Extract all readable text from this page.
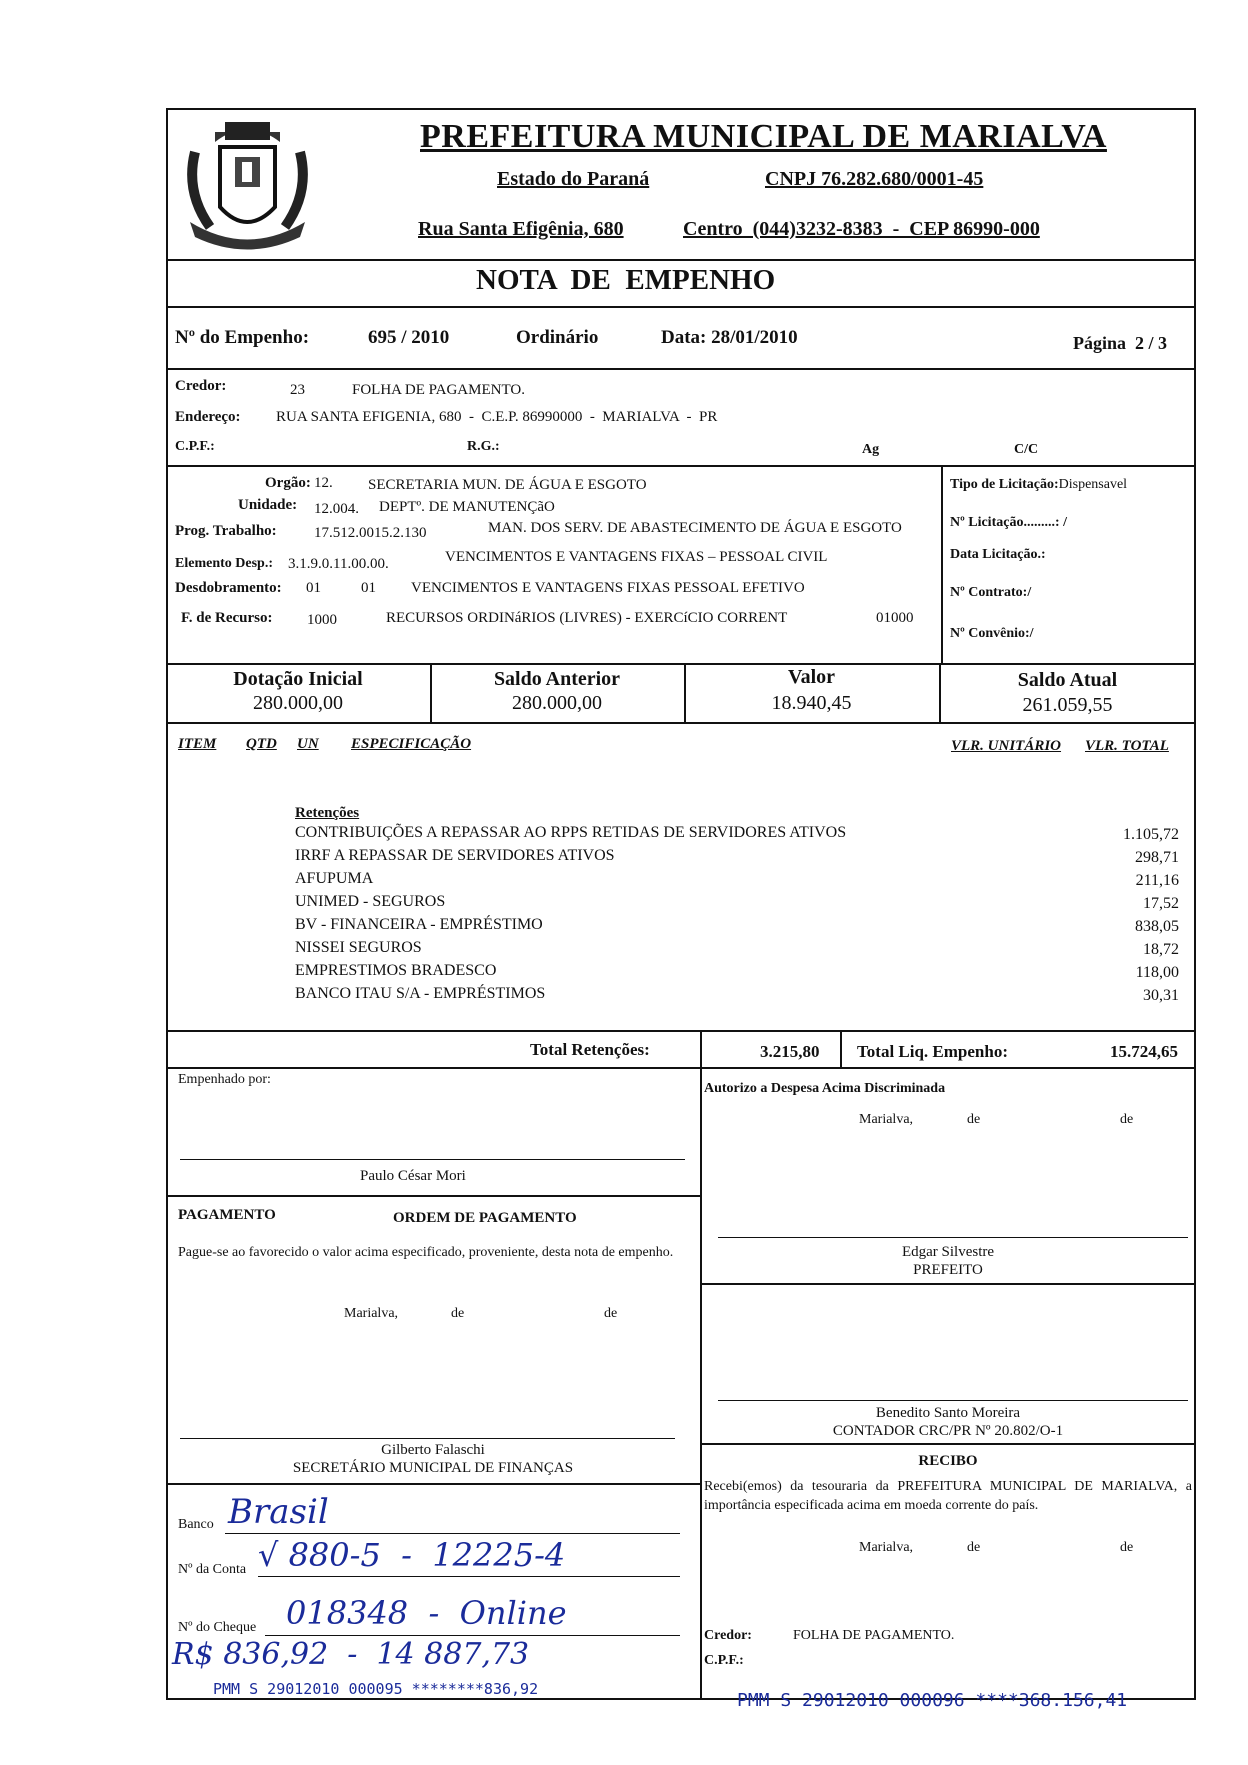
PREFEITURA MUNICIPAL DE MARIALVA
Estado do Paraná	CNPJ 76.282.680/0001-45
Rua Santa Efigênia, 680	Centro  (044)3232-8383  -  CEP 86990-000
NOTA  DE  EMPENHO
Nº do Empenho:	695 / 2010	Ordinário	Data: 28/01/2010	Página  2 / 3
Credor:	23	FOLHA DE PAGAMENTO.
Endereço: RUA SANTA EFIGENIA, 680  -  C.E.P. 86990000  -  MARIALVA  -  PR
C.P.F.:	R.G.:	Ag	C/C
Orgão: 12. SECRETARIA MUN. DE ÁGUA E ESGOTO
Unidade: 12.004. DEPTº. DE MANUTENÇãO
Prog. Trabalho: 17.512.0015.2.130	MAN. DOS SERV. DE ABASTECIMENTO DE ÁGUA E ESGOTO
Elemento Desp.: 3.1.9.0.11.00.00.	VENCIMENTOS E VANTAGENS FIXAS – PESSOAL CIVIL
Desdobramento: 01	01 VENCIMENTOS E VANTAGENS FIXAS PESSOAL EFETIVO
F. de Recurso: 1000	RECURSOS ORDINáRIOS (LIVRES) - EXERCíCIO CORRENT	01000
Tipo de Licitação:Dispensavel
Nº Licitação.........: /
Data Licitação.:
Nº Contrato:/
Nº Convênio:/
Dotação Inicial
280.000,00
Saldo Anterior
280.000,00
Valor
18.940,45
Saldo Atual
261.059,55
ITEM QTD UN ESPECIFICAÇÃO	VLR. UNITÁRIO VLR. TOTAL
Retenções
CONTRIBUIÇÕES A REPASSAR AO RPPS RETIDAS DE SERVIDORES ATIVOS	1.105,72
IRRF A REPASSAR DE SERVIDORES ATIVOS	298,71
AFUPUMA	211,16
UNIMED - SEGUROS	17,52
BV - FINANCEIRA - EMPRÉSTIMO	838,05
NISSEI SEGUROS	18,72
EMPRESTIMOS BRADESCO	118,00
BANCO ITAU S/A - EMPRÉSTIMOS	30,31
Total Retenções:	3.215,80 Total Liq. Empenho:	15.724,65
Empenhado por:
Paulo César Mori
PAGAMENTO	ORDEM DE PAGAMENTO
Pague-se ao favorecido o valor acima especificado, proveniente, desta nota de empenho.
Marialva,	de	de
Gilberto Falaschi
SECRETÁRIO MUNICIPAL DE FINANÇAS
Banco Brasil
Nº da Conta √ 880-5  -  12225-4
Nº do Cheque 018348  -  Online
R$ 836,92  -  14 887,73
PMM S 29012010 000095 ********836,92
PMM S 29012010 000096 ****368.156,41
Autorizo a Despesa Acima Discriminada
Marialva,	de	de
Edgar Silvestre
PREFEITO
Benedito Santo Moreira
CONTADOR CRC/PR Nº 20.802/O-1
RECIBO
Recebi(emos) da tesouraria da PREFEITURA MUNICIPAL DE MARIALVA, a importância especificada acima em moeda corrente do país.
Marialva,	de	de
Credor:	FOLHA DE PAGAMENTO.
C.P.F.:
